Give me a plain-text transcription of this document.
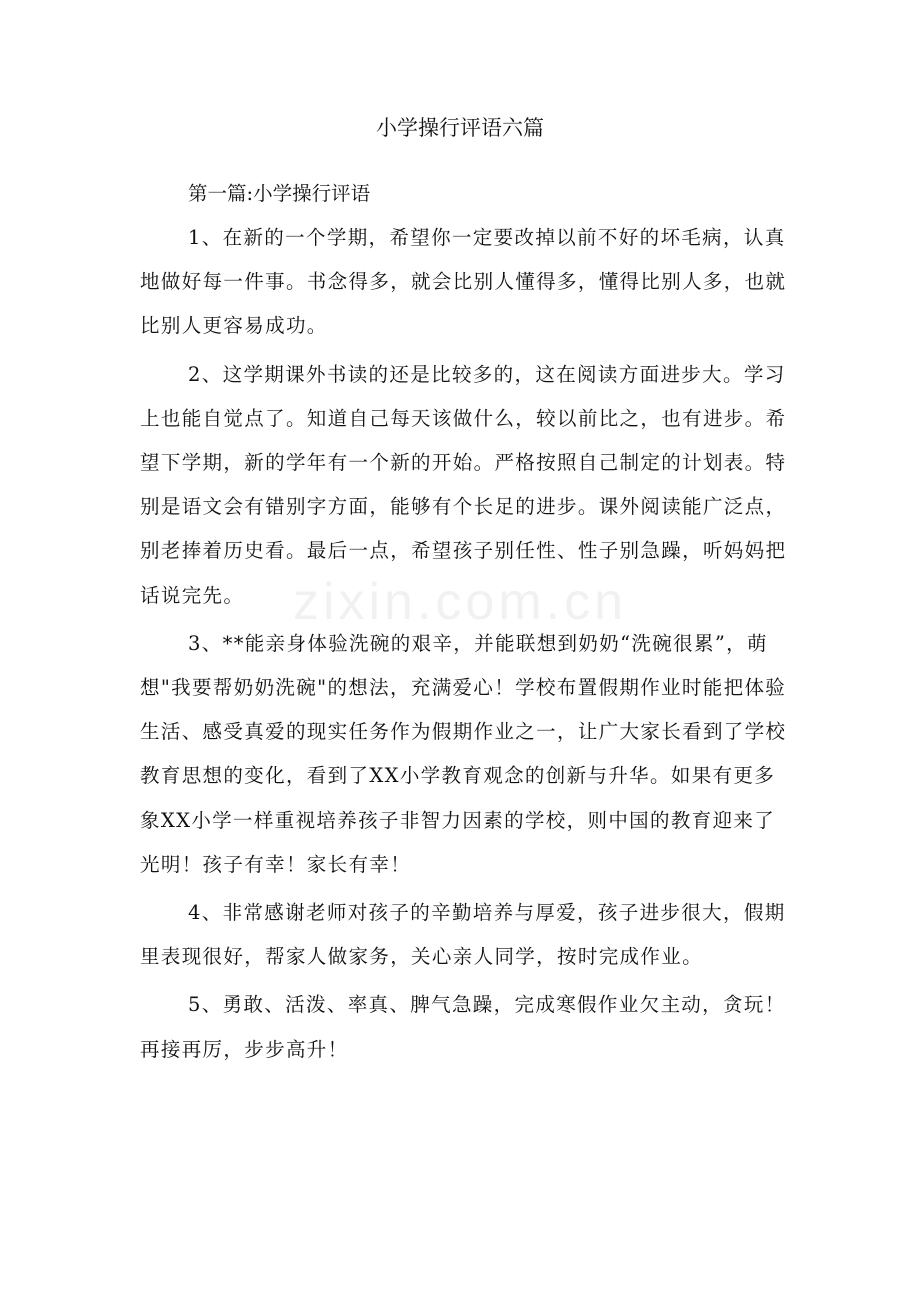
小学操行评语六篇
第一篇:小学操行评语

1、在新的一个学期，希望你一定要改掉以前不好的坏毛病，认真地做好每一件事。书念得多，就会比别人懂得多，懂得比别人多，也就比别人更容易成功。

2、这学期课外书读的还是比较多的，这在阅读方面进步大。学习上也能自觉点了。知道自己每天该做什么，较以前比之，也有进步。希望下学期，新的学年有一个新的开始。严格按照自己制定的计划表。特别是语文会有错别字方面，能够有个长足的进步。课外阅读能广泛点，别老捧着历史看。最后一点，希望孩子别任性、性子别急躁，听妈妈把话说完先。

3、**能亲身体验洗碗的艰辛，并能联想到奶奶“洗碗很累”，萌想"我要帮奶奶洗碗"的想法，充满爱心！学校布置假期作业时能把体验生活、感受真爱的现实任务作为假期作业之一，让广大家长看到了学校教育思想的变化，看到了XX小学教育观念的创新与升华。如果有更多象XX小学一样重视培养孩子非智力因素的学校，则中国的教育迎来了光明！孩子有幸！家长有幸！

4、非常感谢老师对孩子的辛勤培养与厚爱，孩子进步很大，假期里表现很好，帮家人做家务，关心亲人同学，按时完成作业。

5、勇敢、活泼、率真、脾气急躁，完成寒假作业欠主动，贪玩！再接再厉，步步高升！

zixin.com.cn
